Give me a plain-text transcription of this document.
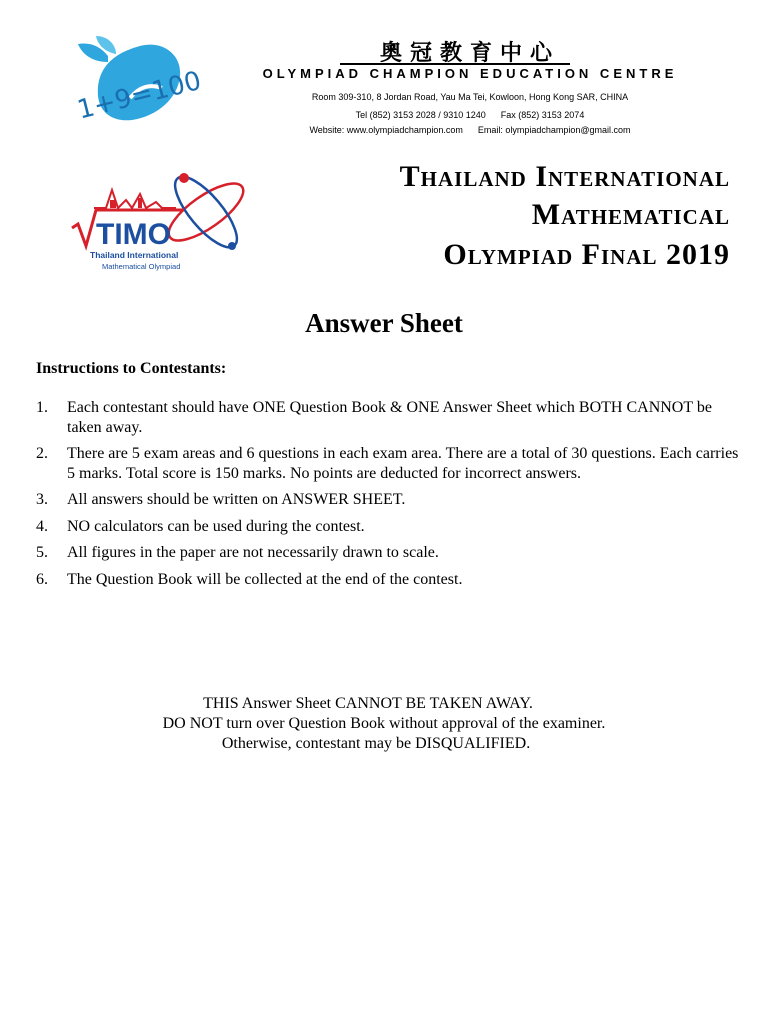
1+9=100
奧冠教育中心
OLYMPIAD CHAMPION EDUCATION CENTRE
Room 309-310, 8 Jordan Road, Yau Ma Tei, Kowloon, Hong Kong SAR, CHINA
Tel (852) 3153 2028 / 9310 1240      Fax (852) 3153 2074
Website: www.olympiadchampion.com      Email: olympiadchampion@gmail.com
TIMO
Thailand International
Mathematical Olympiad
Thailand International
Mathematical
Olympiad Final 2019
Answer Sheet
Instructions to Contestants:
1.	Each contestant should have ONE Question Book & ONE Answer Sheet which BOTH CANNOT be taken away.
2.	There are 5 exam areas and 6 questions in each exam area. There are a total of 30 questions. Each carries 5 marks. Total score is 150 marks. No points are deducted for incorrect answers.
3.	All answers should be written on ANSWER SHEET.
4.	NO calculators can be used during the contest.
5.	All figures in the paper are not necessarily drawn to scale.
6.	The Question Book will be collected at the end of the contest.
THIS Answer Sheet CANNOT BE TAKEN AWAY.
DO NOT turn over Question Book without approval of the examiner.
Otherwise, contestant may be DISQUALIFIED.
